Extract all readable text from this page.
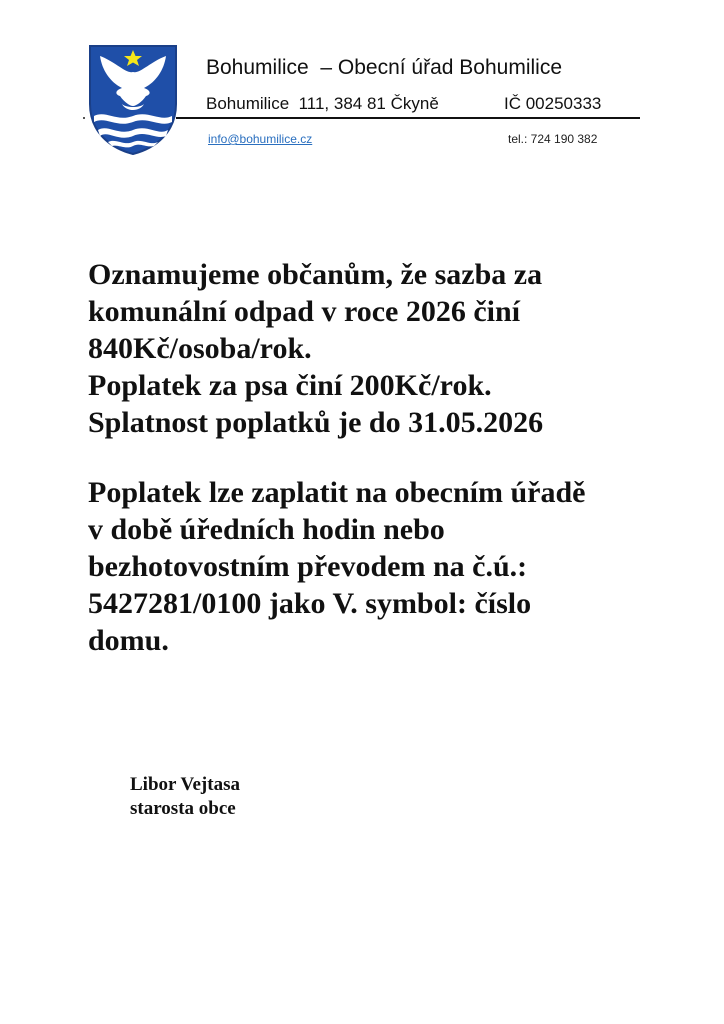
Bohumilice  – Obecní úřad Bohumilice
Bohumilice  111, 384 81 Čkyně	IČ 00250333
info@bohumilice.cz	tel.: 724 190 382

Oznamujeme občanům, že sazba za

komunální odpad v roce 2026 činí

840Kč/osoba/rok.

Poplatek za psa činí 200Kč/rok.

Splatnost poplatků je do 31.05.2026

Poplatek lze zaplatit na obecním úřadě

v době úředních hodin nebo

bezhotovostním převodem na č.ú.:

5427281/0100 jako V. symbol: číslo

domu.

Libor Vejtasa

starosta obce
